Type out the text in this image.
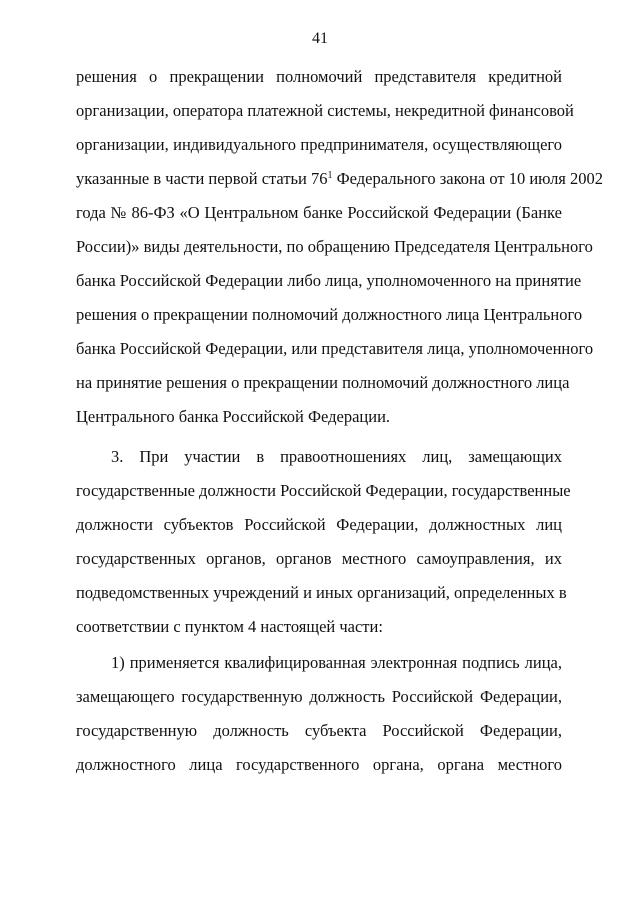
41
решения о прекращении полномочий представителя кредитной
организации, оператора платежной системы, некредитной финансовой
организации, индивидуального предпринимателя, осуществляющего
указанные в части первой статьи $76^1$ Федерального закона от 10 июля 2002
года № 86-ФЗ «О Центральном банке Российской Федерации (Банке
России)» виды деятельности, по обращению Председателя Центрального
банка Российской Федерации либо лица, уполномоченного на принятие
решения о прекращении полномочий должностного лица Центрального
банка Российской Федерации, или представителя лица, уполномоченного
на принятие решения о прекращении полномочий должностного лица
Центрального банка Российской Федерации.
3. При участии в правоотношениях лиц, замещающих
государственные должности Российской Федерации, государственные
должности субъектов Российской Федерации, должностных лиц
государственных органов, органов местного самоуправления, их
подведомственных учреждений и иных организаций, определенных в
соответствии с пунктом 4 настоящей части:
1) применяется квалифицированная электронная подпись лица,
замещающего государственную должность Российской Федерации,
государственную должность субъекта Российской Федерации,
должностного лица государственного органа, органа местного
